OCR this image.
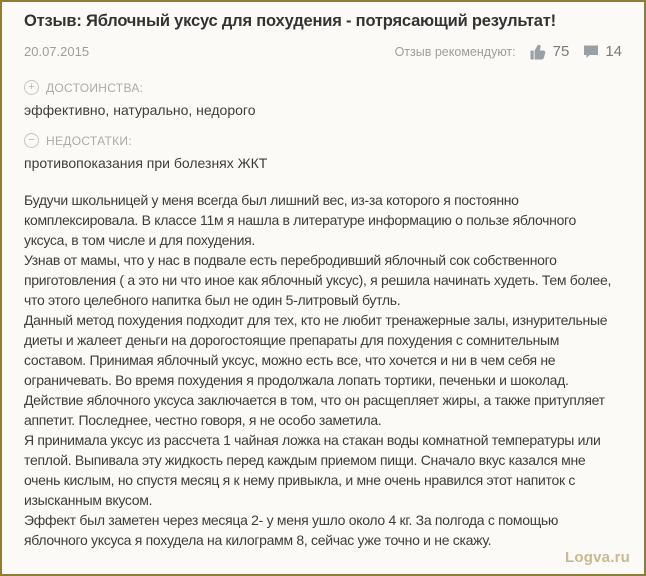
Отзыв: Яблочный уксус для похудения - потрясающий результат!
20.07.2015	Отзыв рекомендуют: 75 14
+ ДОСТОИНСТВА:
эффективно, натурально, недорого
− НЕДОСТАТКИ:
противопоказания при болезнях ЖКТ

Будучи школьницей у меня всегда был лишний вес, из-за которого я постоянно комплексировала. В классе 11м я нашла в литературе информацию о пользе яблочного уксуса, в том числе и для похудения.

Узнав от мамы, что у нас в подвале есть перебродивший яблочный сок собственного приготовления ( а это ни что иное как яблочный уксус), я решила начинать худеть. Тем более, что этого целебного напитка был не один 5-литровый бутль.

Данный метод похудения подходит для тех, кто не любит тренажерные залы, изнурительные диеты и жалеет деньги на дорогостоящие препараты для похудения с сомнительным составом. Принимая яблочный уксус, можно есть все, что хочется и ни в чем себя не ограничевать. Во время похудения я продолжала лопать тортики, печеньки и шоколад.

Действие яблочного уксуса заключается в том, что он расщепляет жиры, а также притупляет аппетит. Последнее, честно говоря, я не особо заметила.

Я принимала уксус из рассчета 1 чайная ложка на стакан воды комнатной температуры или теплой. Выпивала эту жидкость перед каждым приемом пищи. Сначало вкус казался мне очень кислым, но спустя месяц я к нему привыкла, и мне очень нравился этот напиток с изысканным вкусом.

Эффект был заметен через месяца 2- у меня ушло около 4 кг. За полгода с помощью яблочного уксуса я похудела на килограмм 8, сейчас уже точно и не скажу.

Logva.ru
